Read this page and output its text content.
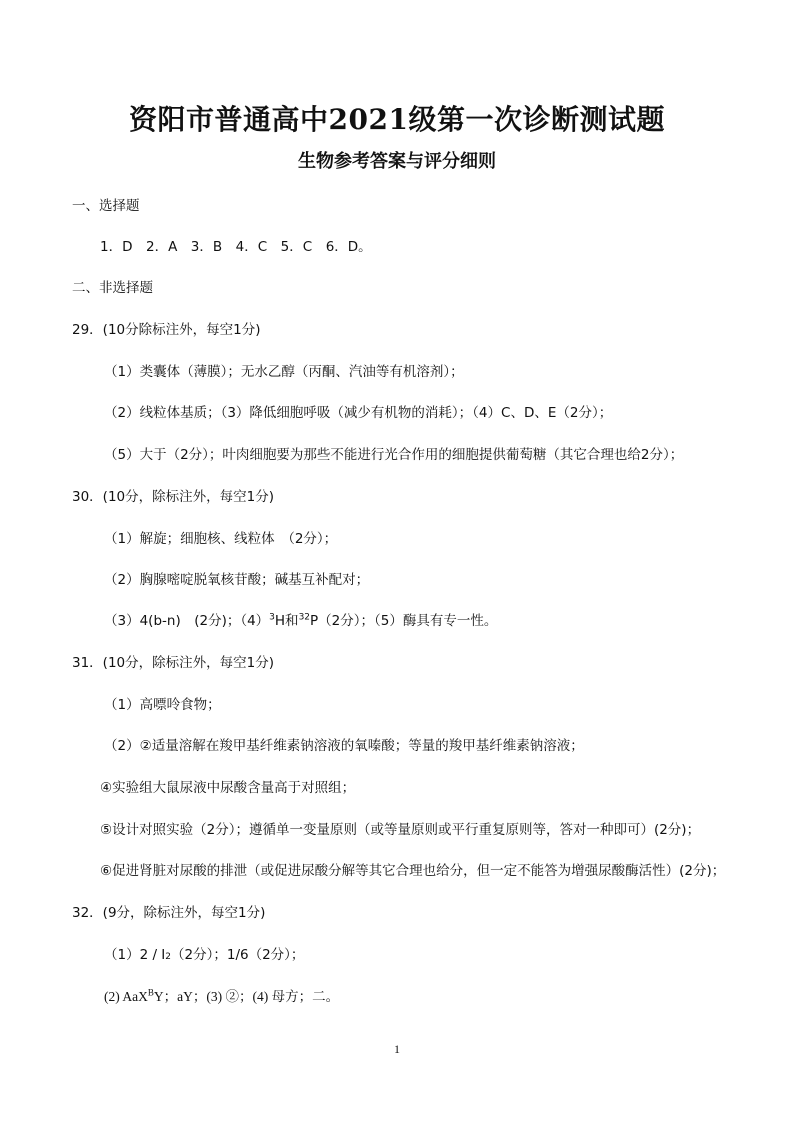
资阳市普通高中2021级第一次诊断测试题
生物参考答案与评分细则
一、选择题
1．D　2．A　3．B　4．C　5．C　6．D。
二、非选择题
29．(10分除标注外，每空1分)
（1）类囊体（薄膜）；无水乙醇（丙酮、汽油等有机溶剂）；
（2）线粒体基质；（3）降低细胞呼吸（减少有机物的消耗）；（4）C、D、E（2分）；
（5）大于（2分）；叶肉细胞要为那些不能进行光合作用的细胞提供葡萄糖（其它合理也给2分）；
30．(10分，除标注外，每空1分)
（1）解旋；细胞核、线粒体　（2分）；
（2）胸腺嘧啶脱氧核苷酸；碱基互补配对；
（3）4(b-n)　(2分)；$(4)^3H$和$^{32}$P（2分）；（5）酶具有专一性。
31．(10分，除标注外，每空1分)
（1）高嘌呤食物；
（2）②适量溶解在羧甲基纤维素钠溶液的氧嗪酸；等量的羧甲基纤维素钠溶液；
④实验组大鼠尿液中尿酸含量高于对照组；
⑤设计对照实验（2分）；遵循单一变量原则（或等量原则或平行重复原则等，答对一种即可）(2分)；
⑥促进肾脏对尿酸的排泄（或促进尿酸分解等其它合理也给分，但一定不能答为增强尿酸酶活性）(2分)；
32．(9分，除标注外，每空1分)
（1）2 / Ⅰ2（2分）；1/6（2分）；
(2) AaX$^B$Y；aY；(3) ②；(4) 母方；二。
1
